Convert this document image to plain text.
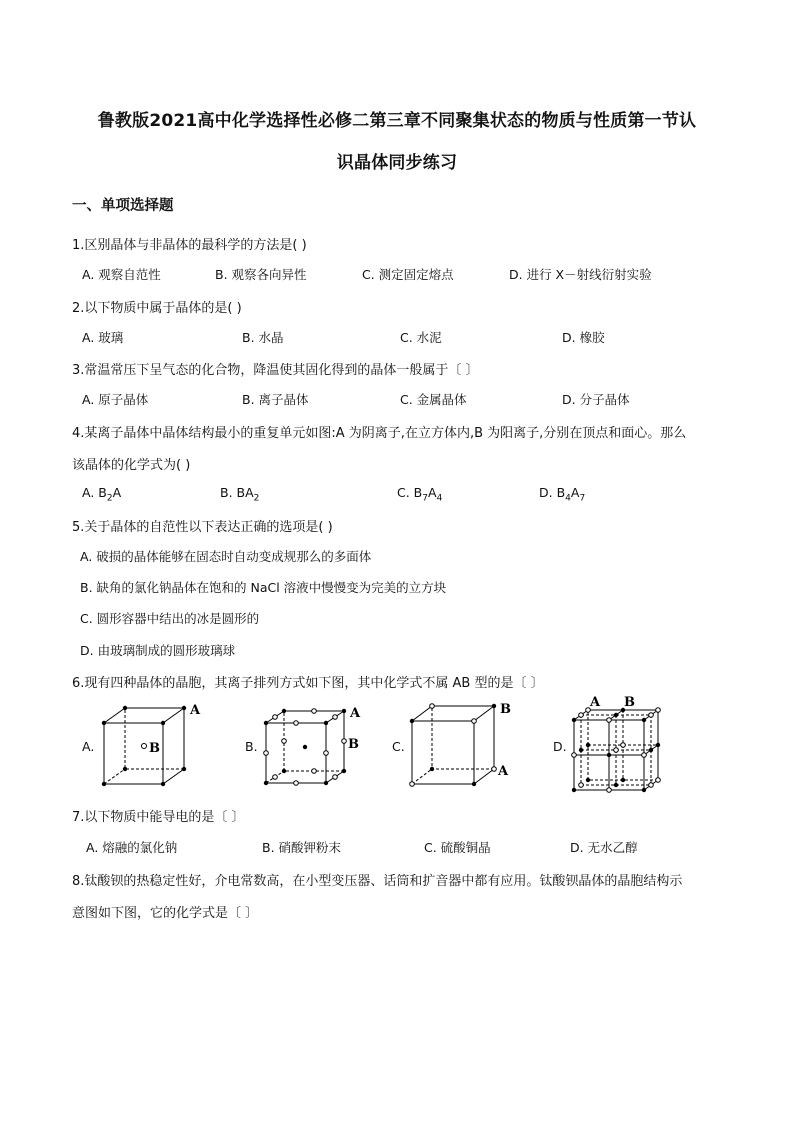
鲁教版2021高中化学选择性必修二第三章不同聚集状态的物质与性质第一节认
识晶体同步练习
一、单项选择题
1.区别晶体与非晶体的最科学的方法是( )
A. 观察自范性	B. 观察各向异性	C. 测定固定熔点	D. 进行 X－射线衍射实验
2.以下物质中属于晶体的是( )
A. 玻璃	B. 水晶	C. 水泥	D. 橡胶
3.常温常压下呈气态的化合物，降温使其固化得到的晶体一般属于〔 〕
A. 原子晶体	B. 离子晶体	C. 金属晶体	D. 分子晶体
4.某离子晶体中晶体结构最小的重复单元如图:A 为阴离子,在立方体内,B 为阳离子,分别在顶点和面心。那么
该晶体的化学式为( )
A. $B_2A$	B. $BA_2$	C. $B_7A_4$	D. $B_4A_7$
5.关于晶体的自范性以下表达正确的选项是( )
A. 破损的晶体能够在固态时自动变成规那么的多面体
B. 缺角的氯化钠晶体在饱和的 NaCl 溶液中慢慢变为完美的立方块
C. 圆形容器中结出的冰是圆形的
D. 由玻璃制成的圆形玻璃球
6.现有四种晶体的晶胞，其离子排列方式如下图，其中化学式不属 AB 型的是〔 〕
A.	B
A
B.
A
B	C.
B
A
D.
A B
7.以下物质中能导电的是〔 〕
A. 熔融的氯化钠	B. 硝酸钾粉末	C. 硫酸铜晶	D. 无水乙醇
8.钛酸钡的热稳定性好，介电常数高，在小型变压器、话筒和扩音器中都有应用。钛酸钡晶体的晶胞结构示
意图如下图，它的化学式是〔 〕
